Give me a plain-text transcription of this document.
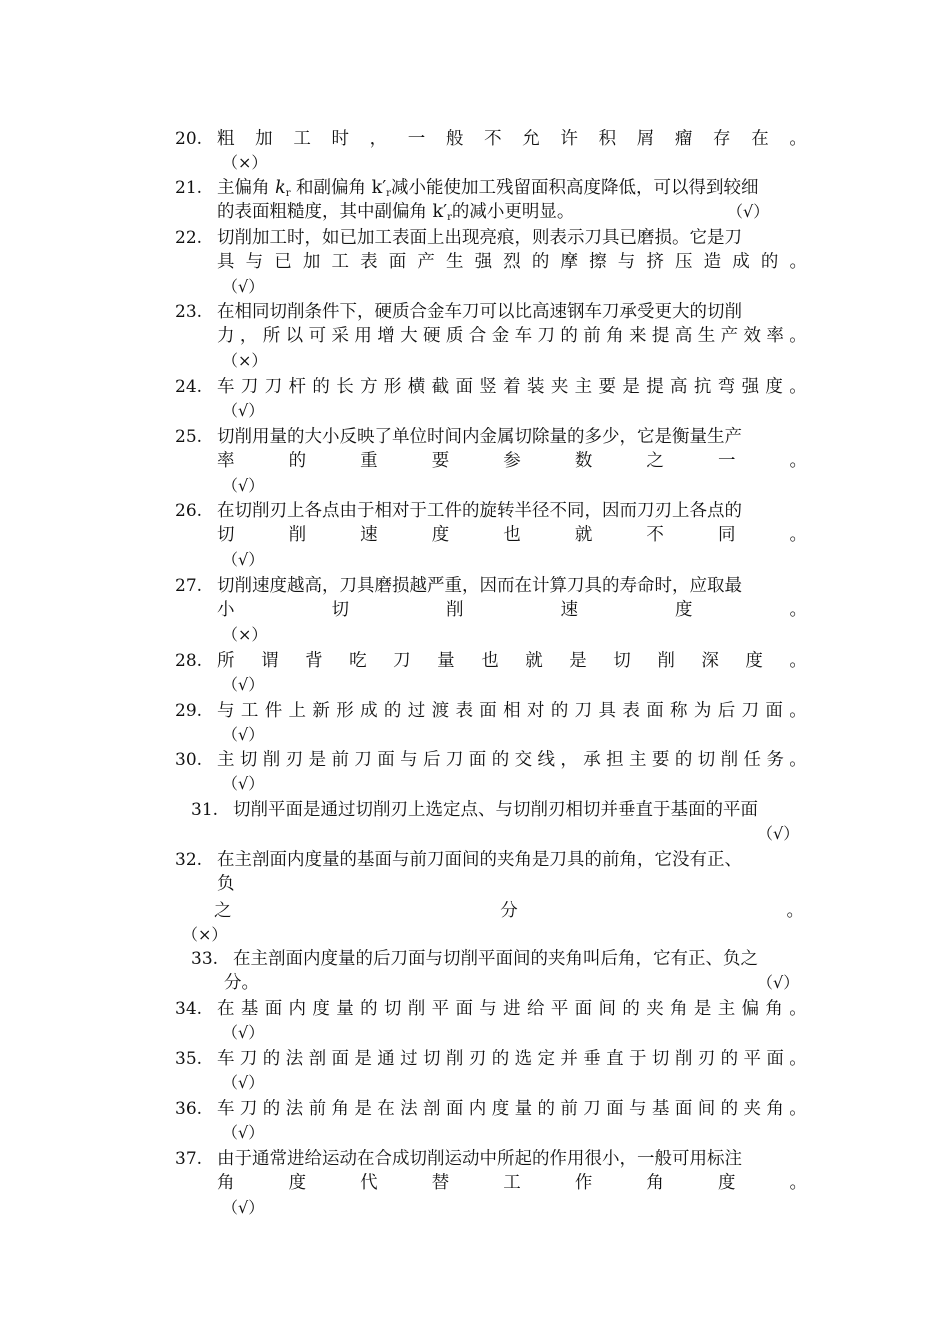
20. 粗 加 工 时 ， 一 般 不 允 许 积 屑 瘤 存 在 。
（×）
21. 主偏角 $k_r$ 和副偏角 $k'_r$减小能使加工残留面积高度降低，可以得到较细
的表面粗糙度，其中副偏角 $k'_r$的减小更明显。	（√）
22. 切削加工时，如已加工表面上出现亮痕，则表示刀具已磨损。它是刀
具 与 已 加 工 表 面 产 生 强 烈 的 摩 擦 与 挤 压 造 成 的 。
（√）
23. 在相同切削条件下，硬质合金车刀可以比高速钢车刀承受更大的切削
力 ， 所 以 可 采 用 增 大 硬 质 合 金 车 刀 的 前 角 来 提 高 生 产 效 率 。
（×）
24. 车 刀 刀 杆 的 长 方 形 横 截 面 竖 着 装 夹 主 要 是 提 高 抗 弯 强 度 。
（√）
25. 切削用量的大小反映了单位时间内金属切除量的多少，它是衡量生产
率	的	重	要	参	数	之	一	。
（√）
26. 在切削刃上各点由于相对于工件的旋转半径不同，因而刀刃上各点的
切	削	速	度	也	就	不	同	。
（√）
27. 切削速度越高，刀具磨损越严重，因而在计算刀具的寿命时，应取最
小	切	削	速	度	。
（×）
28. 所 谓 背 吃 刀 量 也 就 是 切 削 深 度 。
（√）
29. 与 工 件 上 新 形 成 的 过 渡 表 面 相 对 的 刀 具 表 面 称 为 后 刀 面 。
（√）
30. 主 切 削 刃 是 前 刀 面 与 后 刀 面 的 交 线 ， 承 担 主 要 的 切 削 任 务 。
（√）
31. 切削平面是通过切削刃上选定点、与切削刃相切并垂直于基面的平面
（√）
32. 在主剖面内度量的基面与前刀面间的夹角是刀具的前角，它没有正、
负
之	分	。
（×）
33. 在主剖面内度量的后刀面与切削平面间的夹角叫后角，它有正、负之
分。	（√）
34. 在 基 面 内 度 量 的 切 削 平 面 与 进 给 平 面 间 的 夹 角 是 主 偏 角 。
（√）
35. 车 刀 的 法 剖 面 是 通 过 切 削 刃 的 选 定 并 垂 直 于 切 削 刃 的 平 面 。
（√）
36. 车 刀 的 法 前 角 是 在 法 剖 面 内 度 量 的 前 刀 面 与 基 面 间 的 夹 角 。
（√）
37. 由于通常进给运动在合成切削运动中所起的作用很小，一般可用标注
角	度	代	替	工	作	角	度	。
（√）
